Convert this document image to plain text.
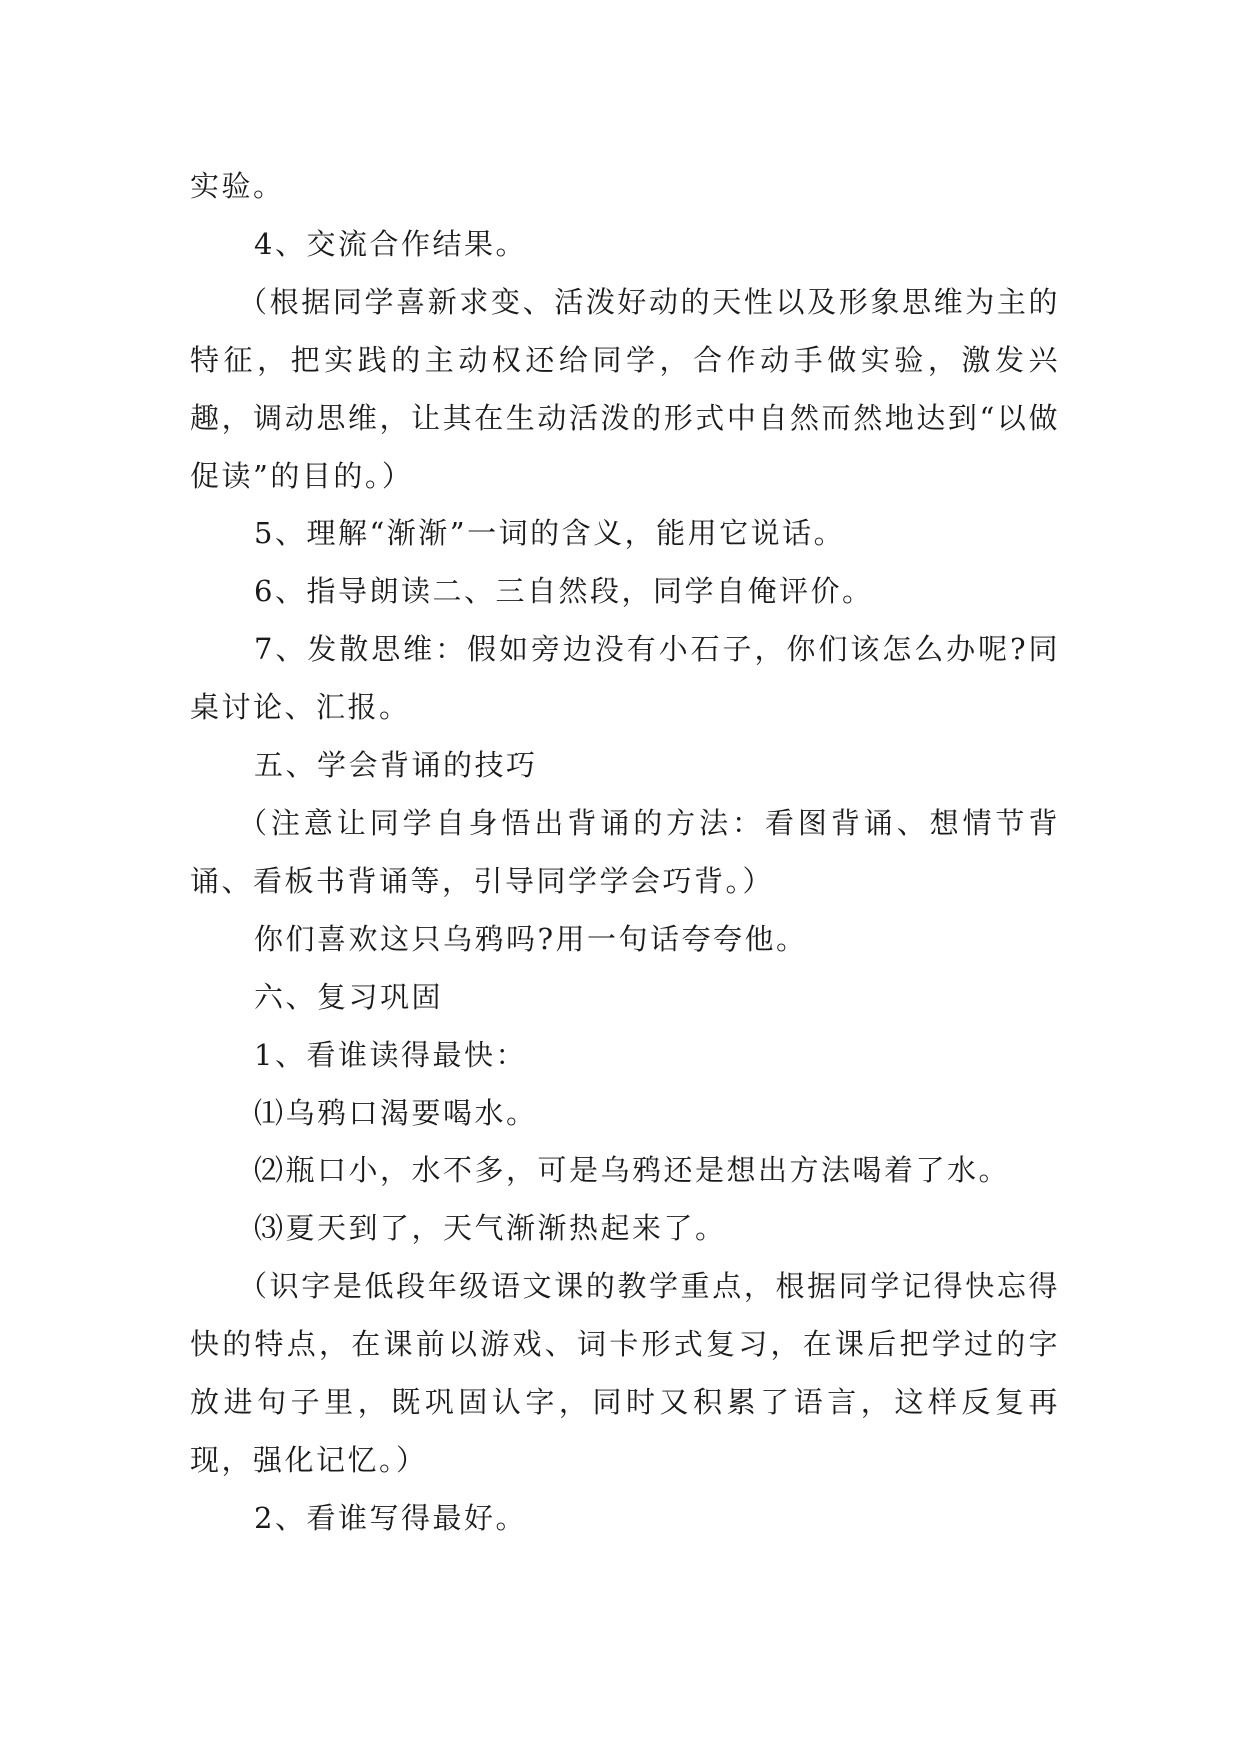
实验。

4、交流合作结果。

（根据同学喜新求变、活泼好动的天性以及形象思维为主的特征，把实践的主动权还给同学，合作动手做实验，激发兴趣，调动思维，让其在生动活泼的形式中自然而然地达到“以做促读”的目的。）

5、理解“渐渐”一词的含义，能用它说话。

6、指导朗读二、三自然段，同学自俺评价。

7、发散思维：假如旁边没有小石子，你们该怎么办呢?同桌讨论、汇报。

五、学会背诵的技巧

（注意让同学自身悟出背诵的方法：看图背诵、想情节背诵、看板书背诵等，引导同学学会巧背。）

你们喜欢这只乌鸦吗?用一句话夸夸他。

六、复习巩固

1、看谁读得最快：

⑴乌鸦口渴要喝水。

⑵瓶口小，水不多，可是乌鸦还是想出方法喝着了水。

⑶夏天到了，天气渐渐热起来了。

（识字是低段年级语文课的教学重点，根据同学记得快忘得快的特点，在课前以游戏、词卡形式复习，在课后把学过的字放进句子里，既巩固认字，同时又积累了语言，这样反复再现，强化记忆。）

2、看谁写得最好。
